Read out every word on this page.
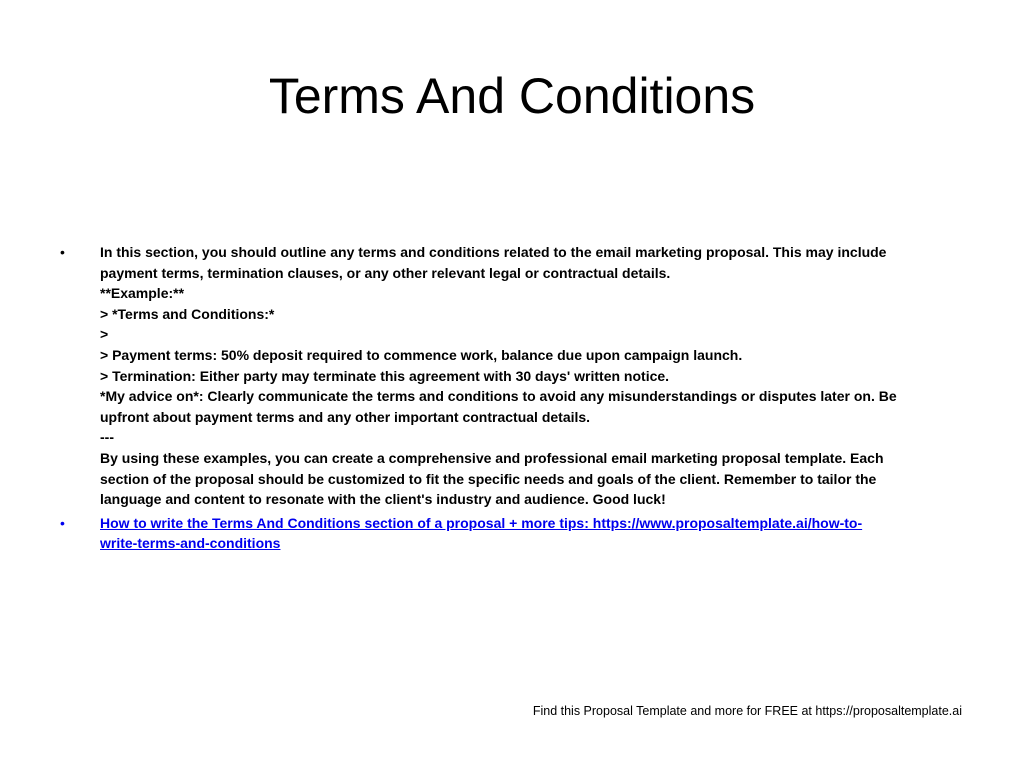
Terms And Conditions
•	In this section, you should outline any terms and conditions related to the email marketing proposal. This may include
payment terms, termination clauses, or any other relevant legal or contractual details.
**Example:**
> *Terms and Conditions:*
>
> Payment terms: 50% deposit required to commence work, balance due upon campaign launch.
> Termination: Either party may terminate this agreement with 30 days' written notice.
*My advice on*: Clearly communicate the terms and conditions to avoid any misunderstandings or disputes later on. Be
upfront about payment terms and any other important contractual details.
---
By using these examples, you can create a comprehensive and professional email marketing proposal template. Each
section of the proposal should be customized to fit the specific needs and goals of the client. Remember to tailor the
language and content to resonate with the client's industry and audience. Good luck!
•	How to write the Terms And Conditions section of a proposal + more tips: https://www.proposaltemplate.ai/how-to-
write-terms-and-conditions
Find this Proposal Template and more for FREE at https://proposaltemplate.ai
